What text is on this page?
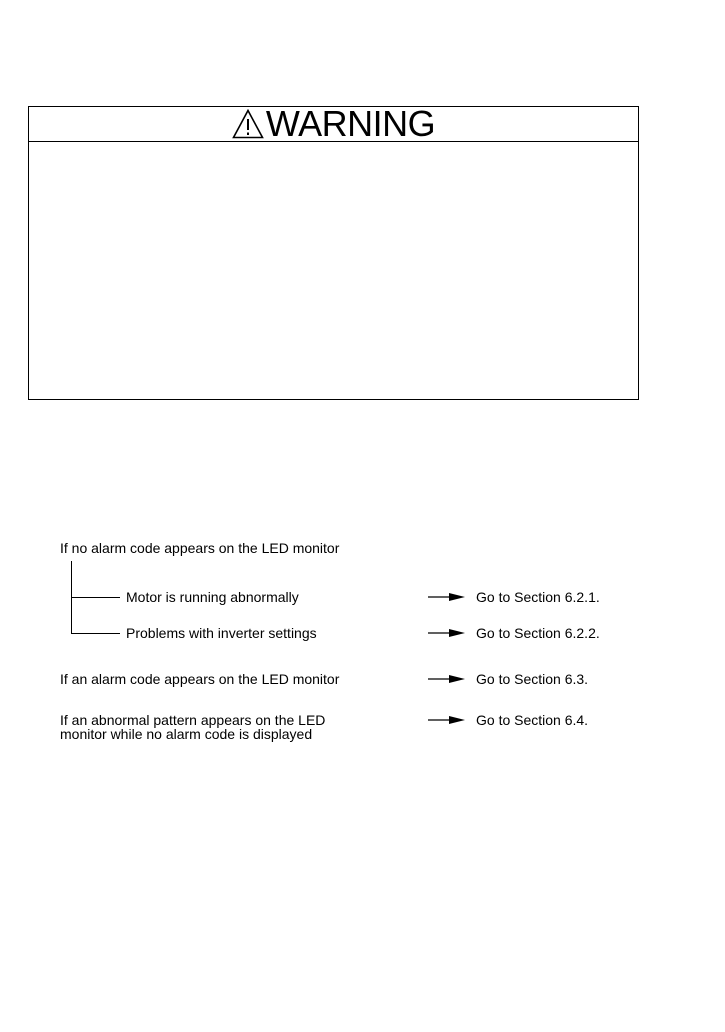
WARNING
If no alarm code appears on the LED monitor
Motor is running abnormally	Go to Section 6.2.1.
Problems with inverter settings	Go to Section 6.2.2.
If an alarm code appears on the LED monitor	Go to Section 6.3.
If an abnormal pattern appears on the LED
monitor while no alarm code is displayed
Go to Section 6.4.
